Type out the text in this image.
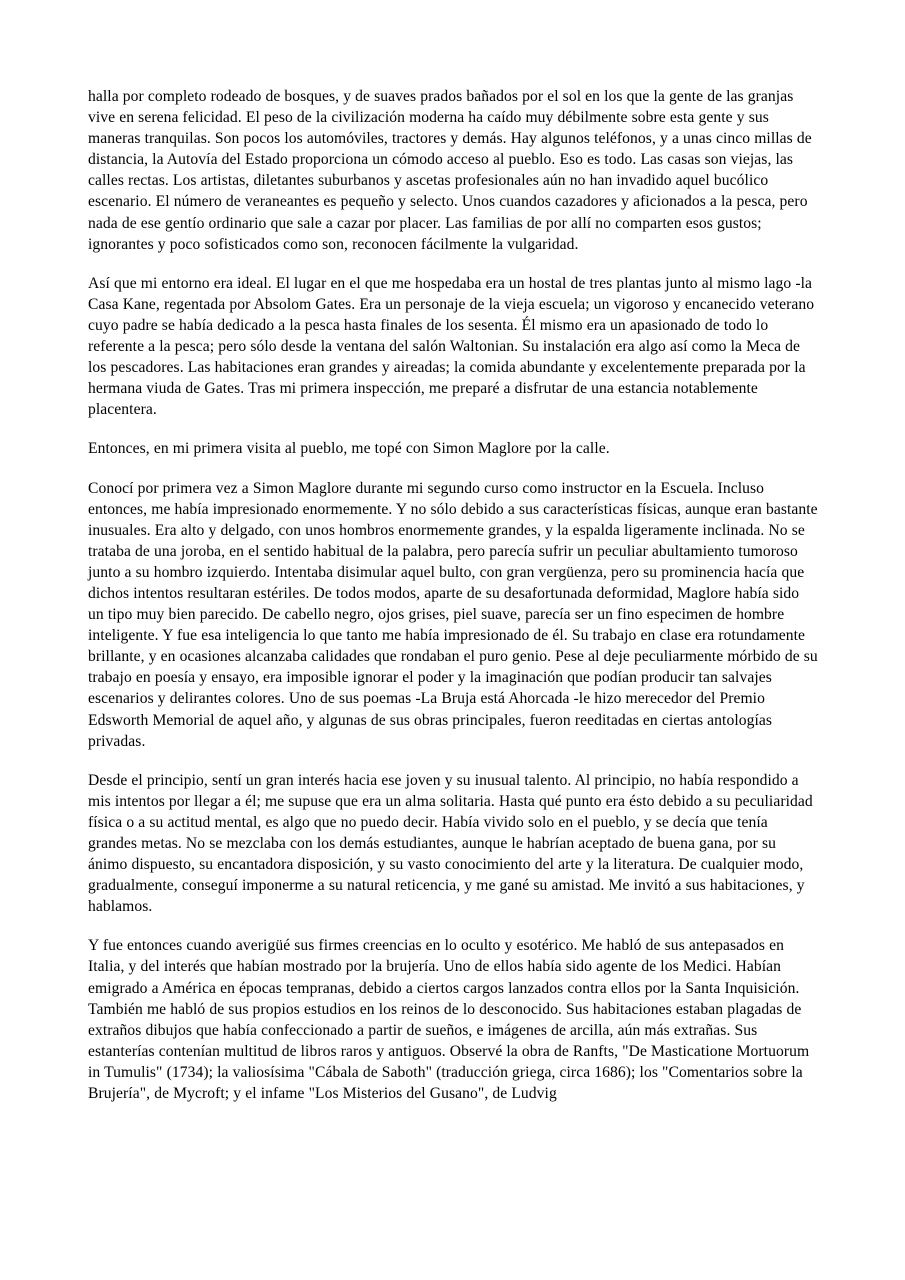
halla por completo rodeado de bosques, y de suaves prados bañados por el sol en los que la gente de las granjas vive en serena felicidad. El peso de la civilización moderna ha caído muy débilmente sobre esta gente y sus maneras tranquilas. Son pocos los automóviles, tractores y demás. Hay algunos teléfonos, y a unas cinco millas de distancia, la Autovía del Estado proporciona un cómodo acceso al pueblo. Eso es todo. Las casas son viejas, las calles rectas. Los artistas, diletantes suburbanos y ascetas profesionales aún no han invadido aquel bucólico escenario. El número de veraneantes es pequeño y selecto. Unos cuandos cazadores y aficionados a la pesca, pero nada de ese gentío ordinario que sale a cazar por placer. Las familias de por allí no comparten esos gustos; ignorantes y poco sofisticados como son, reconocen fácilmente la vulgaridad.

Así que mi entorno era ideal. El lugar en el que me hospedaba era un hostal de tres plantas junto al mismo lago -la Casa Kane, regentada por Absolom Gates. Era un personaje de la vieja escuela; un vigoroso y encanecido veterano cuyo padre se había dedicado a la pesca hasta finales de los sesenta. Él mismo era un apasionado de todo lo referente a la pesca; pero sólo desde la ventana del salón Waltonian. Su instalación era algo así como la Meca de los pescadores. Las habitaciones eran grandes y aireadas; la comida abundante y excelentemente preparada por la hermana viuda de Gates. Tras mi primera inspección, me preparé a disfrutar de una estancia notablemente placentera.

Entonces, en mi primera visita al pueblo, me topé con Simon Maglore por la calle.

Conocí por primera vez a Simon Maglore durante mi segundo curso como instructor en la Escuela. Incluso entonces, me había impresionado enormemente. Y no sólo debido a sus características físicas, aunque eran bastante inusuales. Era alto y delgado, con unos hombros enormemente grandes, y la espalda ligeramente inclinada. No se trataba de una joroba, en el sentido habitual de la palabra, pero parecía sufrir un peculiar abultamiento tumoroso junto a su hombro izquierdo. Intentaba disimular aquel bulto, con gran vergüenza, pero su prominencia hacía que dichos intentos resultaran estériles. De todos modos, aparte de su desafortunada deformidad, Maglore había sido un tipo muy bien parecido. De cabello negro, ojos grises, piel suave, parecía ser un fino especimen de hombre inteligente. Y fue esa inteligencia lo que tanto me había impresionado de él. Su trabajo en clase era rotundamente brillante, y en ocasiones alcanzaba calidades que rondaban el puro genio. Pese al deje peculiarmente mórbido de su trabajo en poesía y ensayo, era imposible ignorar el poder y la imaginación que podían producir tan salvajes escenarios y delirantes colores. Uno de sus poemas -La Bruja está Ahorcada -le hizo merecedor del Premio Edsworth Memorial de aquel año, y algunas de sus obras principales, fueron reeditadas en ciertas antologías privadas.

Desde el principio, sentí un gran interés hacia ese joven y su inusual talento. Al principio, no había respondido a mis intentos por llegar a él; me supuse que era un alma solitaria. Hasta qué punto era ésto debido a su peculiaridad física o a su actitud mental, es algo que no puedo decir. Había vivido solo en el pueblo, y se decía que tenía grandes metas. No se mezclaba con los demás estudiantes, aunque le habrían aceptado de buena gana, por su ánimo dispuesto, su encantadora disposición, y su vasto conocimiento del arte y la literatura. De cualquier modo, gradualmente, conseguí imponerme a su natural reticencia, y me gané su amistad. Me invitó a sus habitaciones, y hablamos.

Y fue entonces cuando averigüé sus firmes creencias en lo oculto y esotérico. Me habló de sus antepasados en Italia, y del interés que habían mostrado por la brujería. Uno de ellos había sido agente de los Medici. Habían emigrado a América en épocas tempranas, debido a ciertos cargos lanzados contra ellos por la Santa Inquisición. También me habló de sus propios estudios en los reinos de lo desconocido. Sus habitaciones estaban plagadas de extraños dibujos que había confeccionado a partir de sueños, e imágenes de arcilla, aún más extrañas. Sus estanterías contenían multitud de libros raros y antiguos. Observé la obra de Ranfts, "De Masticatione Mortuorum in Tumulis" (1734); la valiosísima "Cábala de Saboth" (traducción griega, circa 1686); los "Comentarios sobre la Brujería", de Mycroft; y el infame "Los Misterios del Gusano", de Ludvig
